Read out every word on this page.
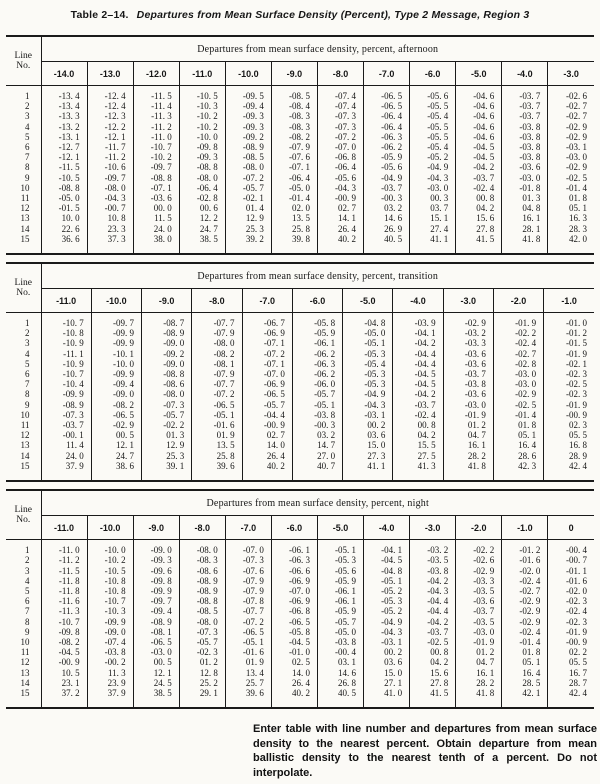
Table 2–14. Departures from Mean Surface Density (Percent), Type 2 Message, Region 3
Line
No.	Departures from mean surface density, percent, afternoon											
	-14.0	-13.0	-12.0	-11.0	-10.0	-9.0	-8.0	-7.0	-6.0	-5.0	-4.0	-3.0
1	-13. 4	-12. 4	-11. 5	-10. 5	-09. 5	-08. 5	-07. 4	-06. 5	-05. 6	-04. 6	-03. 7	-02. 6
2	-13. 4	-12. 4	-11. 4	-10. 3	-09. 4	-08. 4	-07. 4	-06. 5	-05. 5	-04. 6	-03. 7	-02. 7
3	-13. 3	-12. 3	-11. 3	-10. 2	-09. 3	-08. 3	-07. 3	-06. 4	-05. 4	-04. 6	-03. 7	-02. 7
4	-13. 2	-12. 2	-11. 2	-10. 2	-09. 3	-08. 3	-07. 3	-06. 4	-05. 5	-04. 6	-03. 8	-02. 9
5	-13. 1	-12. 1	-11. 0	-10. 0	-09. 2	-08. 2	-07. 2	-06. 3	-05. 5	-04. 6	-03. 8	-02. 9
6	-12. 7	-11. 7	-10. 7	-09. 8	-08. 9	-07. 9	-07. 0	-06. 2	-05. 4	-04. 5	-03. 8	-03. 1
7	-12. 1	-11. 2	-10. 2	-09. 3	-08. 5	-07. 6	-06. 8	-05. 9	-05. 2	-04. 5	-03. 8	-03. 0
8	-11. 5	-10. 6	-09. 7	-08. 8	-08. 0	-07. 1	-06. 4	-05. 6	-04. 9	-04. 2	-03. 6	-02. 9
9	-10. 5	-09. 7	-08. 8	-08. 0	-07. 2	-06. 4	-05. 6	-04. 9	-04. 3	-03. 7	-03. 0	-02. 5
10	-08. 8	-08. 0	-07. 1	-06. 4	-05. 7	-05. 0	-04. 3	-03. 7	-03. 0	-02. 4	-01. 8	-01. 4
11	-05. 0	-04. 3	-03. 6	-02. 8	-02. 1	-01. 4	-00. 9	-00. 3	00. 3	00. 8	01. 3	01. 8
12	-01. 5	-00. 7	00. 0	00. 6	01. 4	02. 0	02. 7	03. 2	03. 7	04. 2	04. 8	05. 1
13	10. 0	10. 8	11. 5	12. 2	12. 9	13. 5	14. 1	14. 6	15. 1	15. 6	16. 1	16. 3
14	22. 6	23. 3	24. 0	24. 7	25. 3	25. 8	26. 4	26. 9	27. 4	27. 8	28. 1	28. 3
15	36. 6	37. 3	38. 0	38. 5	39. 2	39. 8	40. 2	40. 5	41. 1	41. 5	41. 8	42. 0
Line
No.	Departures from mean surface density, percent, transition										
	-11.0	-10.0	-9.0	-8.0	-7.0	-6.0	-5.0	-4.0	-3.0	-2.0	-1.0
1	-10. 7	-09. 7	-08. 7	-07. 7	-06. 7	-05. 8	-04. 8	-03. 9	-02. 9	-01. 9	-01. 0
2	-10. 8	-09. 9	-08. 9	-07. 9	-06. 9	-05. 9	-05. 0	-04. 1	-03. 2	-02. 2	-01. 2
3	-10. 9	-09. 9	-09. 0	-08. 0	-07. 1	-06. 1	-05. 1	-04. 2	-03. 3	-02. 4	-01. 5
4	-11. 1	-10. 1	-09. 2	-08. 2	-07. 2	-06. 2	-05. 3	-04. 4	-03. 6	-02. 7	-01. 9
5	-10. 9	-10. 0	-09. 0	-08. 1	-07. 1	-06. 3	-05. 4	-04. 4	-03. 6	-02. 8	-02. 1
6	-10. 7	-09. 9	-08. 8	-07. 9	-07. 0	-06. 2	-05. 3	-04. 5	-03. 7	-03. 0	-02. 3
7	-10. 4	-09. 4	-08. 6	-07. 7	-06. 9	-06. 0	-05. 3	-04. 5	-03. 8	-03. 0	-02. 5
8	-09. 9	-09. 0	-08. 0	-07. 2	-06. 5	-05. 7	-04. 9	-04. 2	-03. 6	-02. 9	-02. 3
9	-08. 9	-08. 2	-07. 3	-06. 5	-05. 7	-05. 1	-04. 3	-03. 7	-03. 0	-02. 5	-01. 9
10	-07. 3	-06. 5	-05. 7	-05. 1	-04. 4	-03. 8	-03. 1	-02. 4	-01. 9	-01. 4	-00. 9
11	-03. 7	-02. 9	-02. 2	-01. 6	-00. 9	-00. 3	00. 2	00. 8	01. 2	01. 8	02. 3
12	-00. 1	00. 5	01. 3	01. 9	02. 7	03. 2	03. 6	04. 2	04. 7	05. 1	05. 5
13	11. 4	12. 1	12. 9	13. 5	14. 0	14. 7	15. 0	15. 5	16. 1	16. 4	16. 8
14	24. 0	24. 7	25. 3	25. 8	26. 4	27. 0	27. 3	27. 5	28. 2	28. 6	28. 9
15	37. 9	38. 6	39. 1	39. 6	40. 2	40. 7	41. 1	41. 3	41. 8	42. 3	42. 4
Line
No.	Departures from mean surface density, percent, night											
	-11.0	-10.0	-9.0	-8.0	-7.0	-6.0	-5.0	-4.0	-3.0	-2.0	-1.0	0
1	-11. 0	-10. 0	-09. 0	-08. 0	-07. 0	-06. 1	-05. 1	-04. 1	-03. 2	-02. 2	-01. 2	-00. 4
2	-11. 2	-10. 2	-09. 3	-08. 3	-07. 3	-06. 3	-05. 3	-04. 5	-03. 5	-02. 6	-01. 6	-00. 7
3	-11. 5	-10. 5	-09. 6	-08. 6	-07. 6	-06. 6	-05. 6	-04. 8	-03. 8	-02. 9	-02. 0	-01. 1
4	-11. 8	-10. 8	-09. 8	-08. 9	-07. 9	-06. 9	-05. 9	-05. 1	-04. 2	-03. 3	-02. 4	-01. 6
5	-11. 8	-10. 8	-09. 9	-08. 9	-07. 9	-07. 0	-06. 1	-05. 2	-04. 3	-03. 5	-02. 7	-02. 0
6	-11. 6	-10. 7	-09. 7	-08. 8	-07. 8	-06. 9	-06. 1	-05. 3	-04. 4	-03. 6	-02. 9	-02. 3
7	-11. 3	-10. 3	-09. 4	-08. 5	-07. 7	-06. 8	-05. 9	-05. 2	-04. 4	-03. 7	-02. 9	-02. 4
8	-10. 7	-09. 9	-08. 9	-08. 0	-07. 2	-06. 5	-05. 7	-04. 9	-04. 2	-03. 5	-02. 9	-02. 3
9	-09. 8	-09. 0	-08. 1	-07. 3	-06. 5	-05. 8	-05. 0	-04. 3	-03. 7	-03. 0	-02. 4	-01. 9
10	-08. 2	-07. 4	-06. 5	-05. 7	-05. 1	-04. 5	-03. 8	-03. 1	-02. 5	-01. 9	-01. 4	-00. 9
11	-04. 5	-03. 8	-03. 0	-02. 3	-01. 6	-01. 0	-00. 4	00. 2	00. 8	01. 2	01. 8	02. 2
12	-00. 9	-00. 2	00. 5	01. 2	01. 9	02. 5	03. 1	03. 6	04. 2	04. 7	05. 1	05. 5
13	10. 5	11. 3	12. 1	12. 8	13. 4	14. 0	14. 6	15. 0	15. 6	16. 1	16. 4	16. 7
14	23. 1	23. 9	24. 5	25. 2	25. 7	26. 4	26. 8	27. 1	27. 8	28. 2	28. 5	28. 7
15	37. 2	37. 9	38. 5	29. 1	39. 6	40. 2	40. 5	41. 0	41. 5	41. 8	42. 1	42. 4

Enter table with line number and departures from mean surface density to the nearest percent. Obtain departure from mean ballistic density to the nearest tenth of a percent. Do not interpolate.
